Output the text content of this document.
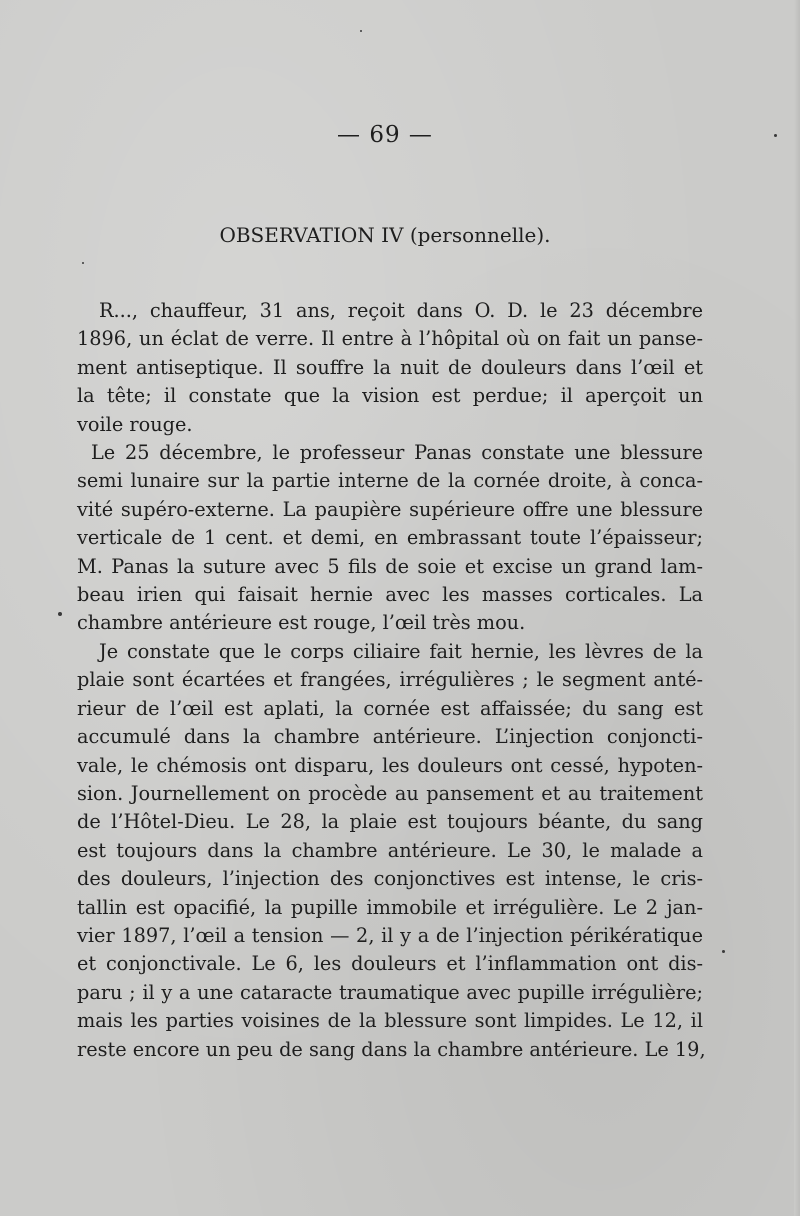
— 69 —
OBSERVATION IV (personnelle).
R..., chauffeur, 31 ans, reçoit dans O. D. le 23 décembre
1896, un éclat de verre. Il entre à l’hôpital où on fait un panse-
ment antiseptique. Il souffre la nuit de douleurs dans l’œil et
la tête; il constate que la vision est perdue; il aperçoit un
voile rouge.
Le 25 décembre, le professeur Panas constate une blessure
semi lunaire sur la partie interne de la cornée droite, à conca-
vité supéro-externe. La paupière supérieure offre une blessure
verticale de 1 cent. et demi, en embrassant toute l’épaisseur;
M. Panas la suture avec 5 fils de soie et excise un grand lam-
beau irien qui faisait hernie avec les masses corticales. La
chambre antérieure est rouge, l’œil très mou.
Je constate que le corps ciliaire fait hernie, les lèvres de la
plaie sont écartées et frangées, irrégulières ; le segment anté-
rieur de l’œil est aplati, la cornée est affaissée; du sang est
accumulé dans la chambre antérieure. L’injection conjoncti-
vale, le chémosis ont disparu, les douleurs ont cessé, hypoten-
sion. Journellement on procède au pansement et au traitement
de l’Hôtel-Dieu. Le 28, la plaie est toujours béante, du sang
est toujours dans la chambre antérieure. Le 30, le malade a
des douleurs, l’injection des conjonctives est intense, le cris-
tallin est opacifié, la pupille immobile et irrégulière. Le 2 jan-
vier 1897, l’œil a tension — 2, il y a de l’injection périkératique
et conjonctivale. Le 6, les douleurs et l’inflammation ont dis-
paru ; il y a une cataracte traumatique avec pupille irrégulière;
mais les parties voisines de la blessure sont limpides. Le 12, il
reste encore un peu de sang dans la chambre antérieure. Le 19,
